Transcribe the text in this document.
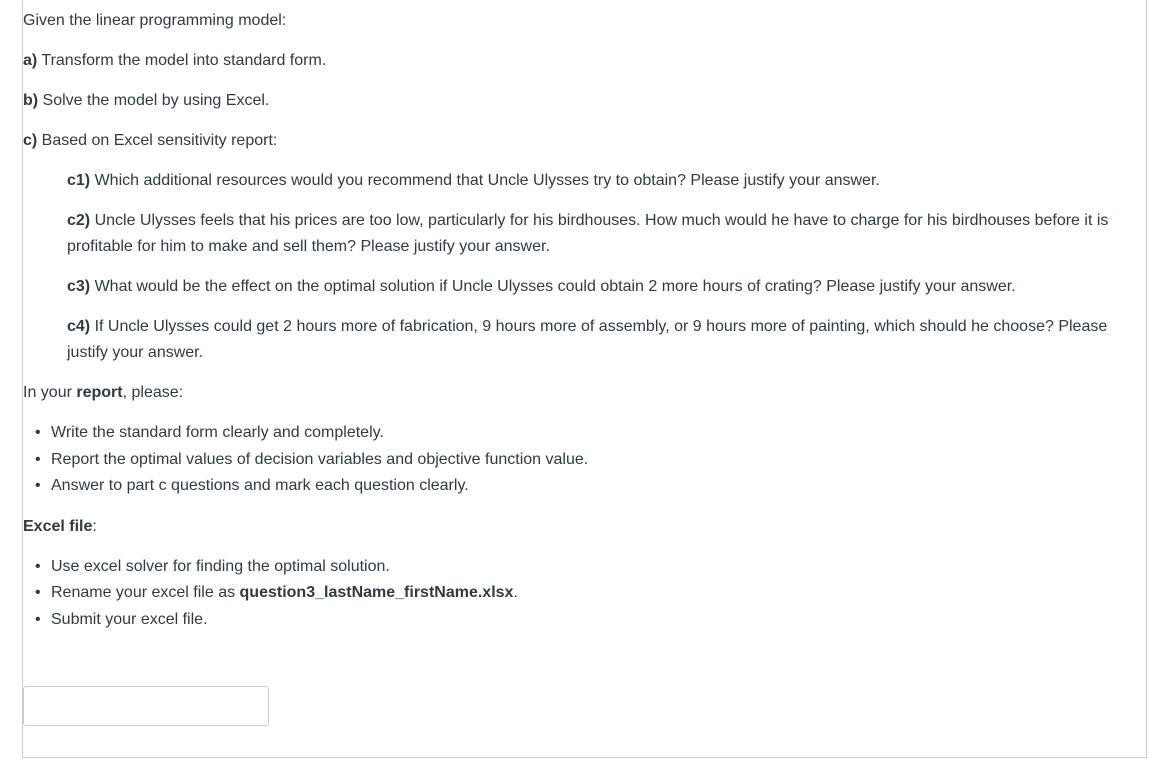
Given the linear programming model:

a) Transform the model into standard form.

b) Solve the model by using Excel.

c) Based on Excel sensitivity report:

c1) Which additional resources would you recommend that Uncle Ulysses try to obtain? Please justify your answer.

c2) Uncle Ulysses feels that his prices are too low, particularly for his birdhouses. How much would he have to charge for his birdhouses before it is profitable for him to make and sell them? Please justify your answer.

c3) What would be the effect on the optimal solution if Uncle Ulysses could obtain 2 more hours of crating? Please justify your answer.

c4) If Uncle Ulysses could get 2 hours more of fabrication, 9 hours more of assembly, or 9 hours more of painting, which should he choose? Please justify your answer.

In your report, please:

• Write the standard form clearly and completely.
• Report the optimal values of decision variables and objective function value.
• Answer to part c questions and mark each question clearly.

Excel file:

• Use excel solver for finding the optimal solution.
• Rename your excel file as question3_lastName_firstName.xlsx.
• Submit your excel file.
